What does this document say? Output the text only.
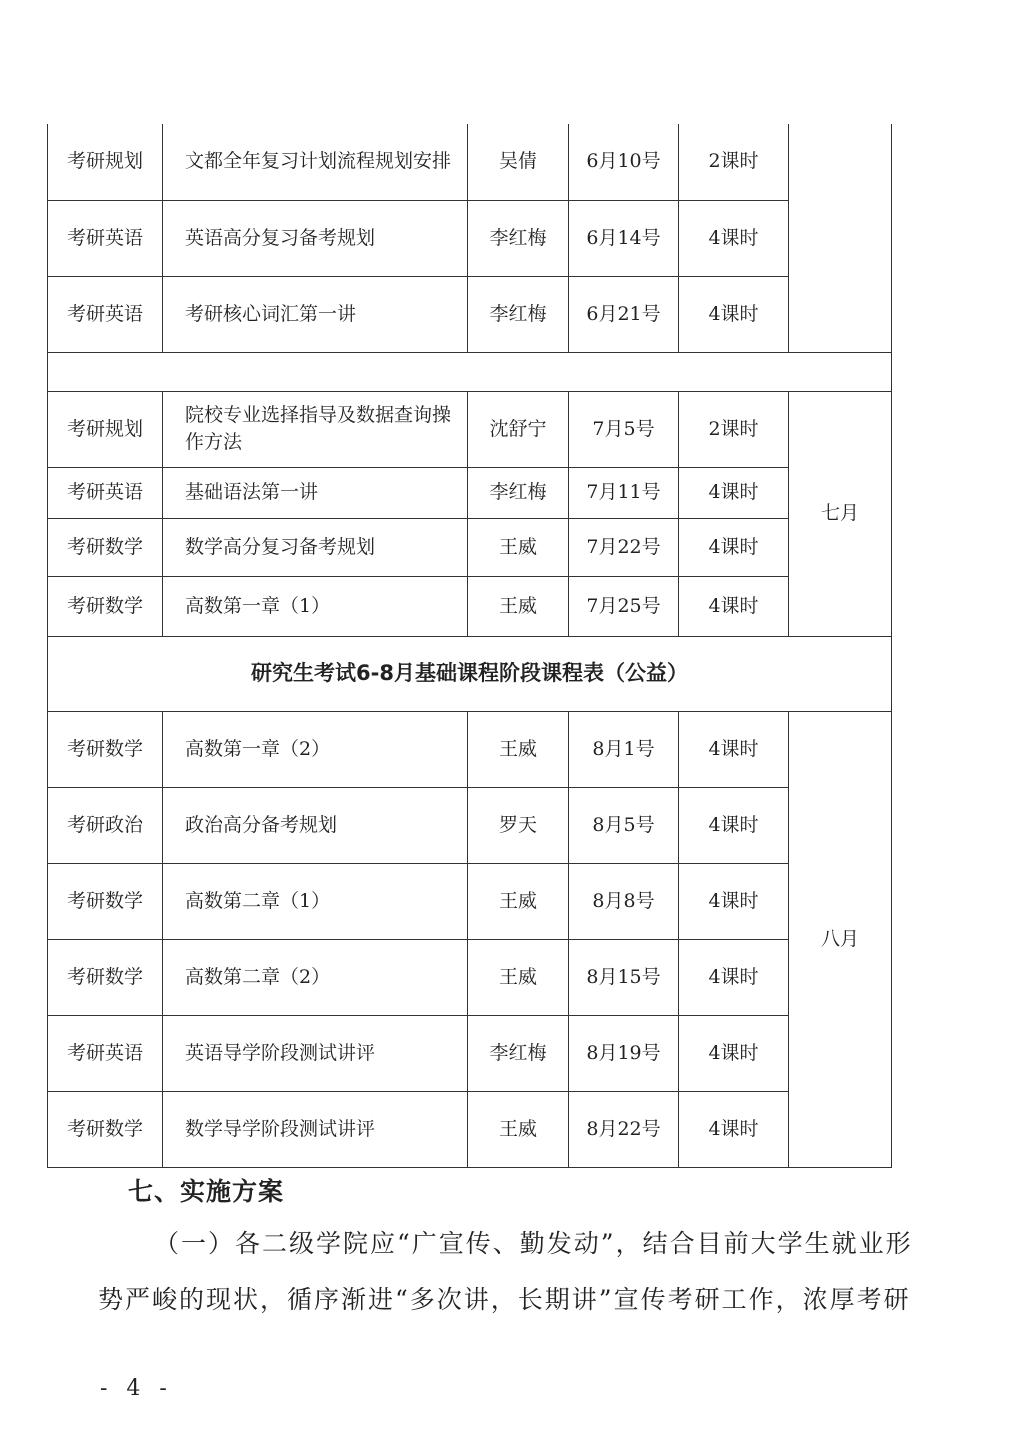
考研规划	文都全年复习计划流程规划安排	吴倩	6月10号	2课时	
考研英语	英语高分复习备考规划	李红梅	6月14号	4课时	
考研英语	考研核心词汇第一讲	李红梅	6月21号	4课时	

考研规划	院校专业选择指导及数据查询操作方法	沈舒宁	7月5号	2课时	七月
考研英语	基础语法第一讲	李红梅	7月11号	4课时	
考研数学	数学高分复习备考规划	王威	7月22号	4课时	
考研数学	高数第一章（1）	王威	7月25号	4课时	
研究生考试6-8月基础课程阶段课程表（公益）					
考研数学	高数第一章（2）	王威	8月1号	4课时	八月
考研政治	政治高分备考规划	罗天	8月5号	4课时	
考研数学	高数第二章（1）	王威	8月8号	4课时	
考研数学	高数第二章（2）	王威	8月15号	4课时	
考研英语	英语导学阶段测试讲评	李红梅	8月19号	4课时	
考研数学	数学导学阶段测试讲评	王威	8月22号	4课时	
七、实施方案
（一）各二级学院应“广宣传、勤发动”，结合目前大学生就业形
势严峻的现状，循序渐进“多次讲，长期讲”宣传考研工作，浓厚考研
- 4 -
